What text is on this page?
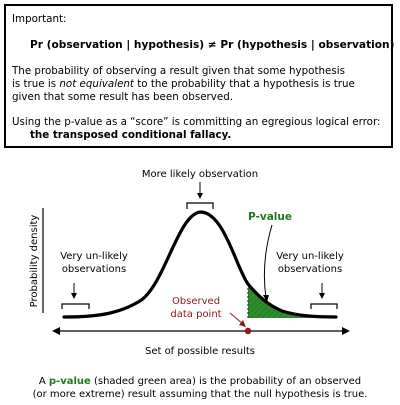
Important:
Pr (observation | hypothesis) ≠ Pr (hypothesis | observation)
The probability of observing a result given that some hypothesis
is true is not equivalent to the probability that a hypothesis is true
given that some result has been observed.
Using the p-value as a “score” is committing an egregious logical error:
the transposed conditional fallacy.
Probability density
Set of possible results
More likely observation
Very un-likely
observations
Very un-likely
observations
P-value
Observed
data point
A p-value (shaded green area) is the probability of an observed
(or more extreme) result assuming that the null hypothesis is true.
